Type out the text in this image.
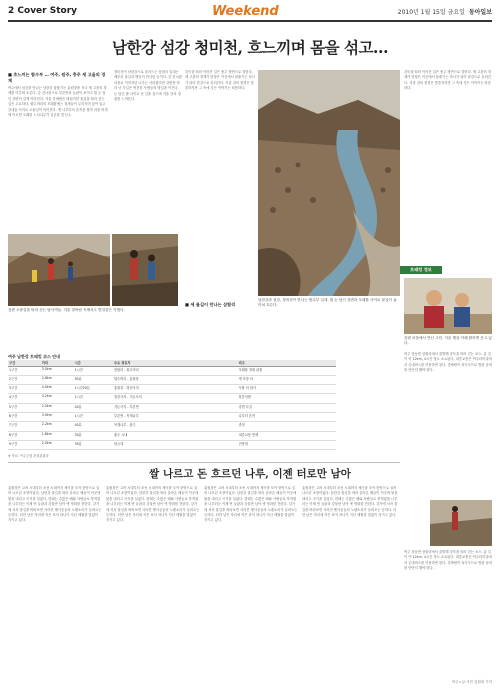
2 Cover Story	Weekend	2010년 1월 15일 금요일 동아일보
남한강 섬강 청미천, 흐느끼며 몸을 섞고…
■ 흐느끼는 합수부 … 여주, 원주, 충주 세 고을의 경계

여주에서 섬강을 만나는 남한강 물줄기는 흥원창을 지나 세 고을의 경계를 이루며 흐른다. 강 건너편으로 부론면의 들판이 보이고 흰 눈 덮인 강변이 길게 이어진다. 겨울 강바람은 매섭지만 물길을 따라 걷는 길은 고요하다. 합수머리의 모래톱에는 철새들이 무리지어 앉아 있고 갈대숲 사이로 오솔길이 이어진다. 옛 나루터의 흔적을 찾아 마을 어귀에 이르면 오래된 느티나무가 길손을 맞는다.

강변 오솔길을 따라 걷는 답사객들. 겨울 강바람 속에서도 발걸음은 가볍다.

청미천이 남한강으로 흘러드는 삼합리 일대는 예부터 물길과 뱃길이 만나던 곳이다. 강 건너편 마을로 이어지던 나루는 사라졌지만 강변을 따라 난 둑길은 여전히 사람들의 발길을 이끈다. 눈 덮인 밭 사이로 난 길을 걸으며 겨울 강의 정취를 느껴본다.

강둑을 따라 이어진 길은 충주 방면으로 향한다. 세 고을의 경계가 맞닿은 이곳에서 물줄기는 하나가 되어 한강으로 흘러간다. 겨울 강의 풍경은 쓸쓸하지만 그 속에 깃든 이야기는 따뜻하다.

■ 세 물길이 만나는 삼합리
남한강과 섬강, 청미천이 만나는 합수부 일대. 흰 눈 덮인 강변과 모래톱 사이로 물길이 굽이쳐 흐른다.

강둑을 따라 이어진 길은 충주 방면으로 향한다. 세 고을의 경계가 맞닿은 이곳에서 물줄기는 하나가 되어 한강으로 흘러간다. 겨울 강의 풍경은 쓸쓸하지만 그 속에 깃든 이야기는 따뜻하다.

트래킹 정보
강변 마을에서 만난 주민. 겨울 햇살 아래 환하게 웃고 있다.

여주 점동면 삼합리에서 출발해 강둑을 따라 걷는 코스. 총 길이 약 12km, 4시간 정도 소요된다. 대중교통은 여주터미널에서 군내버스를 이용하면 된다. 강바람이 차가우므로 방한 준비를 단단히 해야 한다.

여주 점동면 삼합리에서 출발해 강둑을 따라 걷는 코스. 총 길이 약 12km, 4시간 정도 소요된다. 대중교통은 여주터미널에서 군내버스를 이용하면 된다. 강바람이 차가우므로 방한 준비를 단단히 해야 한다.

여주 남한강 트래킹 코스 안내
구간	거리	시간	주요 경유지	비고
1구간	3.5km	1시간	삼합리 - 합수머리	모래톱 철새 관찰
2구간	2.8km	50분	합수머리 - 흥원창	옛 조창 터
3구간	4.0km	1시간20분	흥원창 - 법천사지	사찰 터 답사
4구간	3.2km	1시간	법천사지 - 거돈사지	삼층석탑
5구간	2.5km	45분	거돈사지 - 부론면	강변 둑길
6구간	3.0km	1시간	부론면 - 목계나루	나루터 흔적
7구간	2.2km	40분	목계나루 - 충주	종점
8구간	1.8km	30분	충주 시내	대중교통 연계
9구간	2.0km	35분	탄금대	전망대
※ 자료: 여주군청 문화관광과
쌀 나르고 돈 흐르던 나루, 이젠 터로만 남아

흥원창은 고려 시대부터 조선 시대까지 세곡을 모아 한양으로 실어 나르던 조창이었다. 남한강 물길을 따라 올라온 배들이 이곳에 닻을 내리고 곡식을 실었다. 한때는 수많은 배와 사람들로 북적였을 나루터는 이제 빈 들판과 강물만 남아 옛 영화를 전한다. 강가에 서서 물길을 바라보면 사라진 뱃사공들의 노랫소리가 들려오는 듯하다. 터만 남은 자리에 작은 표석 하나가 지난 세월을 말없이 지키고 있다.

흥원창은 고려 시대부터 조선 시대까지 세곡을 모아 한양으로 실어 나르던 조창이었다. 남한강 물길을 따라 올라온 배들이 이곳에 닻을 내리고 곡식을 실었다. 한때는 수많은 배와 사람들로 북적였을 나루터는 이제 빈 들판과 강물만 남아 옛 영화를 전한다. 강가에 서서 물길을 바라보면 사라진 뱃사공들의 노랫소리가 들려오는 듯하다. 터만 남은 자리에 작은 표석 하나가 지난 세월을 말없이 지키고 있다.

흥원창은 고려 시대부터 조선 시대까지 세곡을 모아 한양으로 실어 나르던 조창이었다. 남한강 물길을 따라 올라온 배들이 이곳에 닻을 내리고 곡식을 실었다. 한때는 수많은 배와 사람들로 북적였을 나루터는 이제 빈 들판과 강물만 남아 옛 영화를 전한다. 강가에 서서 물길을 바라보면 사라진 뱃사공들의 노랫소리가 들려오는 듯하다. 터만 남은 자리에 작은 표석 하나가 지난 세월을 말없이 지키고 있다.

흥원창은 고려 시대부터 조선 시대까지 세곡을 모아 한양으로 실어 나르던 조창이었다. 남한강 물길을 따라 올라온 배들이 이곳에 닻을 내리고 곡식을 실었다. 한때는 수많은 배와 사람들로 북적였을 나루터는 이제 빈 들판과 강물만 남아 옛 영화를 전한다. 강가에 서서 물길을 바라보면 사라진 뱃사공들의 노랫소리가 들려오는 듯하다. 터만 남은 자리에 작은 표석 하나가 지난 세월을 말없이 지키고 있다.

여주=글·사진 김원희 기자
